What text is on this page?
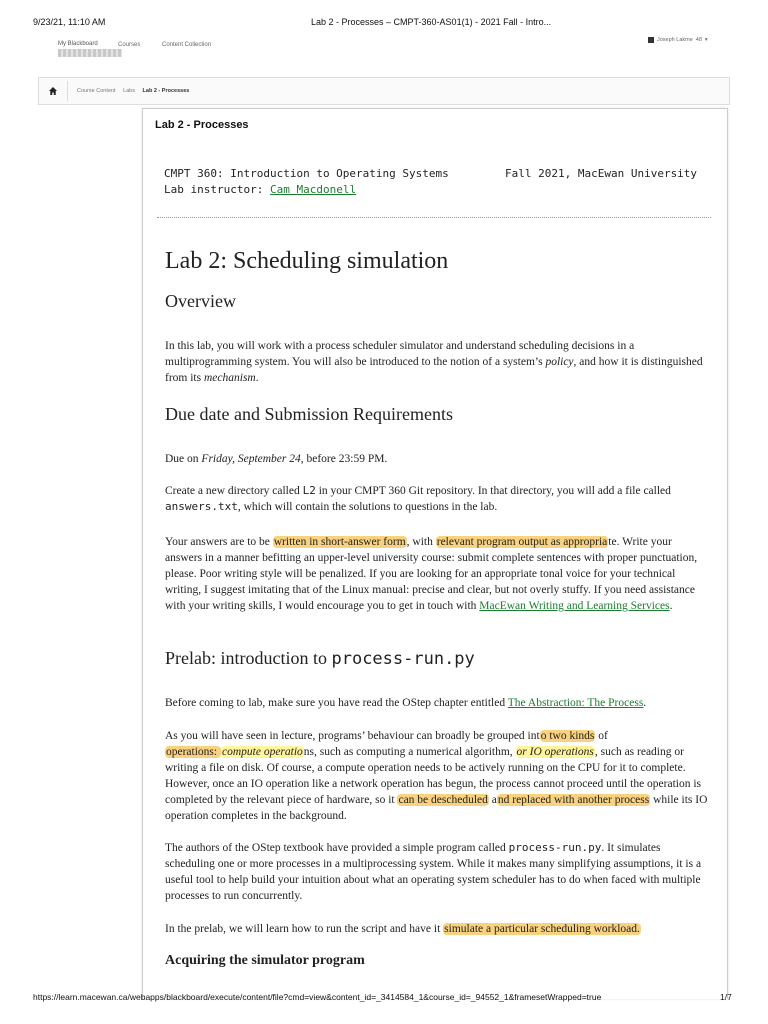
9/23/21, 11:10 AM	Lab 2 - Processes – CMPT-360-AS01(1) - 2021 Fall - Intro...
My Blackboard	Courses	Content Collection
Joseph Lakme 48 ▾
Course Content Labs Lab 2 - Processes
Lab 2 - Processes
CMPT 360: Introduction to Operating Systems	Fall 2021, MacEwan University
Lab instructor: Cam Macdonell
Lab 2: Scheduling simulation
Overview

In this lab, you will work with a process scheduler simulator and understand scheduling decisions in a multiprogramming system. You will also be introduced to the notion of a system’s policy, and how it is distinguished from its mechanism.

Due date and Submission Requirements

Due on Friday, September 24, before 23:59 PM.

Create a new directory called L2 in your CMPT 360 Git repository. In that directory, you will add a file called answers.txt, which will contain the solutions to questions in the lab.

Your answers are to be written in short-answer form, with relevant program output as appropriate. Write your answers in a manner befitting an upper-level university course: submit complete sentences with proper punctuation, please. Poor writing style will be penalized. If you are looking for an appropriate tonal voice for your technical writing, I suggest imitating that of the Linux manual: precise and clear, but not overly stuffy. If you need assistance with your writing skills, I would encourage you to get in touch with MacEwan Writing and Learning Services.

Prelab: introduction to process-run.py

Before coming to lab, make sure you have read the OStep chapter entitled The Abstraction: The Process.

As you will have seen in lecture, programs’ behaviour can broadly be grouped into two kinds of
operations: compute operations, such as computing a numerical algorithm, or IO operations, such as reading or writing a file on disk. Of course, a compute operation needs to be actively running on the CPU for it to complete. However, once an IO operation like a network operation has begun, the process cannot proceed until the operation is completed by the relevant piece of hardware, so it can be descheduled and replaced with another process while its IO operation completes in the background.

The authors of the OStep textbook have provided a simple program called process-run.py. It simulates scheduling one or more processes in a multiprocessing system. While it makes many simplifying assumptions, it is a useful tool to help build your intuition about what an operating system scheduler has to do when faced with multiple processes to run concurrently.

In the prelab, we will learn how to run the script and have it simulate a particular scheduling workload.

Acquiring the simulator program
https://learn.macewan.ca/webapps/blackboard/execute/content/file?cmd=view&content_id=_3414584_1&course_id=_94552_1&framesetWrapped=true	1/7
